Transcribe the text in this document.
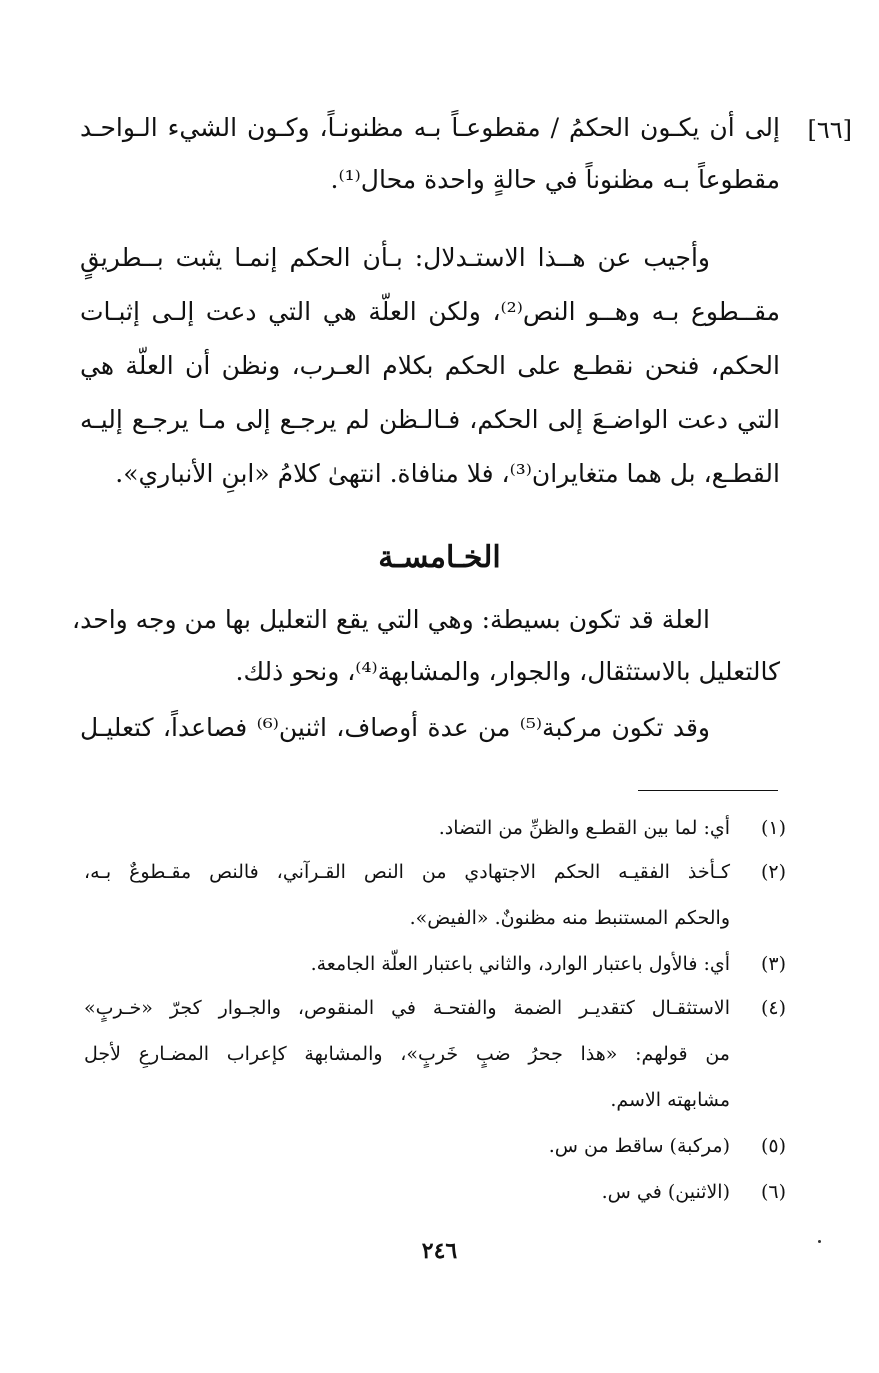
[٦٦]
إلى أن يكـون الحكمُ / مقطوعـاً بـه مظنونـاً، وكـون الشيء الـواحـد
مقطوعاً بـه مظنوناً في حالةٍ واحدة محال⁽¹⁾.
وأجيب عن هــذا الاستـدلال: بـأن الحكم إنمـا يثبت بــطريقٍ
مقــطوع بـه وهــو النص⁽²⁾، ولكن العلّة هي التي دعت إلـى إثبـات
الحكم، فنحن نقطـع على الحكم بكلام العـرب، ونظن أن العلّة هي
التي دعت الواضـعَ إلى الحكم، فـالـظن لم يرجـع إلى مـا يرجـع إليـه
القطـع، بل هما متغايران⁽³⁾، فلا منافاة. انتهىٰ كلامُ «ابنِ الأنباري».
الخـامسـة
العلة قد تكون بسيطة: وهي التي يقع التعليل بها من وجه واحد،
كالتعليل بالاستثقال، والجوار، والمشابهة⁽⁴⁾، ونحو ذلك.
وقد تكون مركبة⁽⁵⁾ من عدة أوصاف، اثنين⁽⁶⁾ فصاعداً، كتعليـل
(١)
أي: لما بين القطـع والظنِّ من التضاد.
(٢)
كـأخذ الفقيـه الحكم الاجتهادي من النص القـرآني، فالنص مقـطوعٌ بـه،
والحكم المستنبط منه مظنونٌ. «الفيض».
(٣)
أي: فالأول باعتبار الوارد، والثاني باعتبار العلّة الجامعة.
(٤)
الاستثقـال كتقديـر الضمة والفتحـة في المنقوص، والجـوار كجرّ «خـربٍ»
من قولهم: «هذا جحرُ ضبٍ خَربٍ»، والمشابهة كإعراب المضـارعِ لأجل
مشابهته الاسم.
(٥)
(مركبة) ساقط من س.
(٦)
(الاثنين) في س.
٢٤٦
